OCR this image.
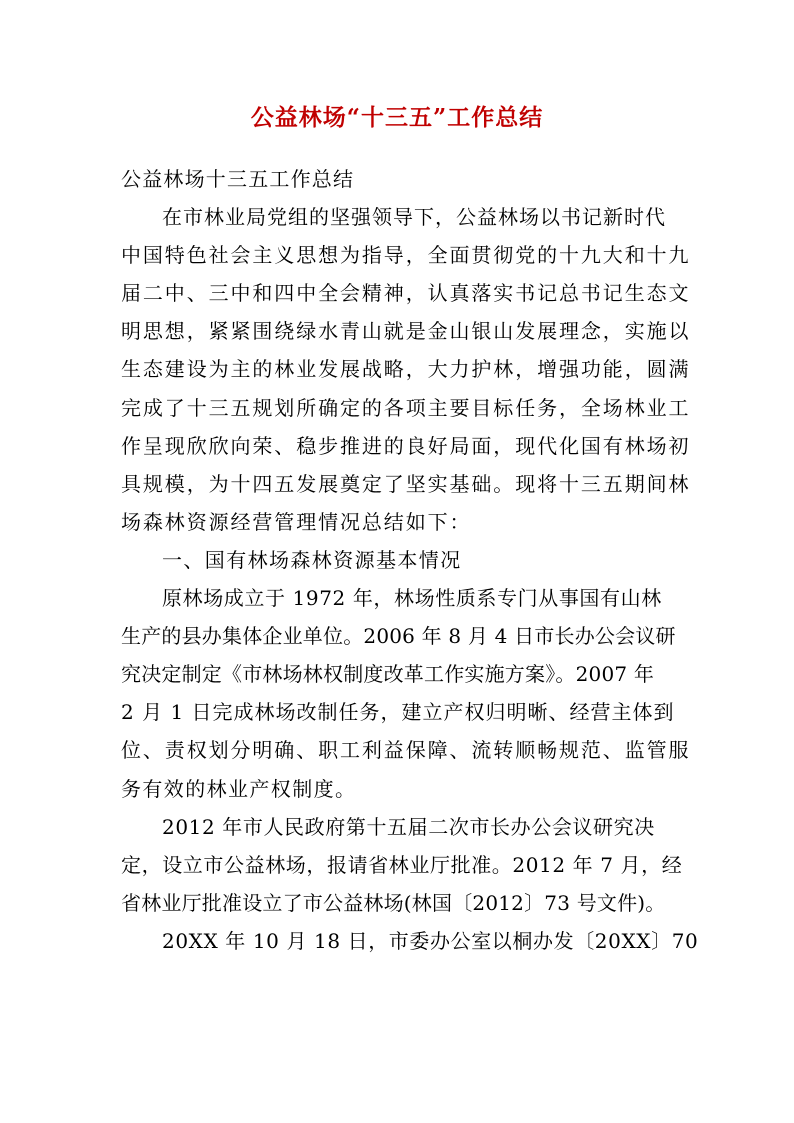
公益林场“十三五”工作总结
公益林场十三五工作总结
在市林业局党组的坚强领导下，公益林场以书记新时代
中国特色社会主义思想为指导，全面贯彻党的十九大和十九
届二中、三中和四中全会精神，认真落实书记总书记生态文
明思想，紧紧围绕绿水青山就是金山银山发展理念，实施以
生态建设为主的林业发展战略，大力护林，增强功能，圆满
完成了十三五规划所确定的各项主要目标任务，全场林业工
作呈现欣欣向荣、稳步推进的良好局面，现代化国有林场初
具规模，为十四五发展奠定了坚实基础。现将十三五期间林
场森林资源经营管理情况总结如下：
一、国有林场森林资源基本情况
原林场成立于 1972 年，林场性质系专门从事国有山林
生产的县办集体企业单位。2006 年 8 月 4 日市长办公会议研
究决定制定《市林场林权制度改革工作实施方案》。2007 年
2 月 1 日完成林场改制任务，建立产权归明晰、经营主体到
位、责权划分明确、职工利益保障、流转顺畅规范、监管服
务有效的林业产权制度。
2012 年市人民政府第十五届二次市长办公会议研究决
定，设立市公益林场，报请省林业厅批准。2012 年 7 月，经
省林业厅批准设立了市公益林场(林国〔2012〕73 号文件)。
20XX 年 10 月 18 日，市委办公室以桐办发〔20XX〕70
